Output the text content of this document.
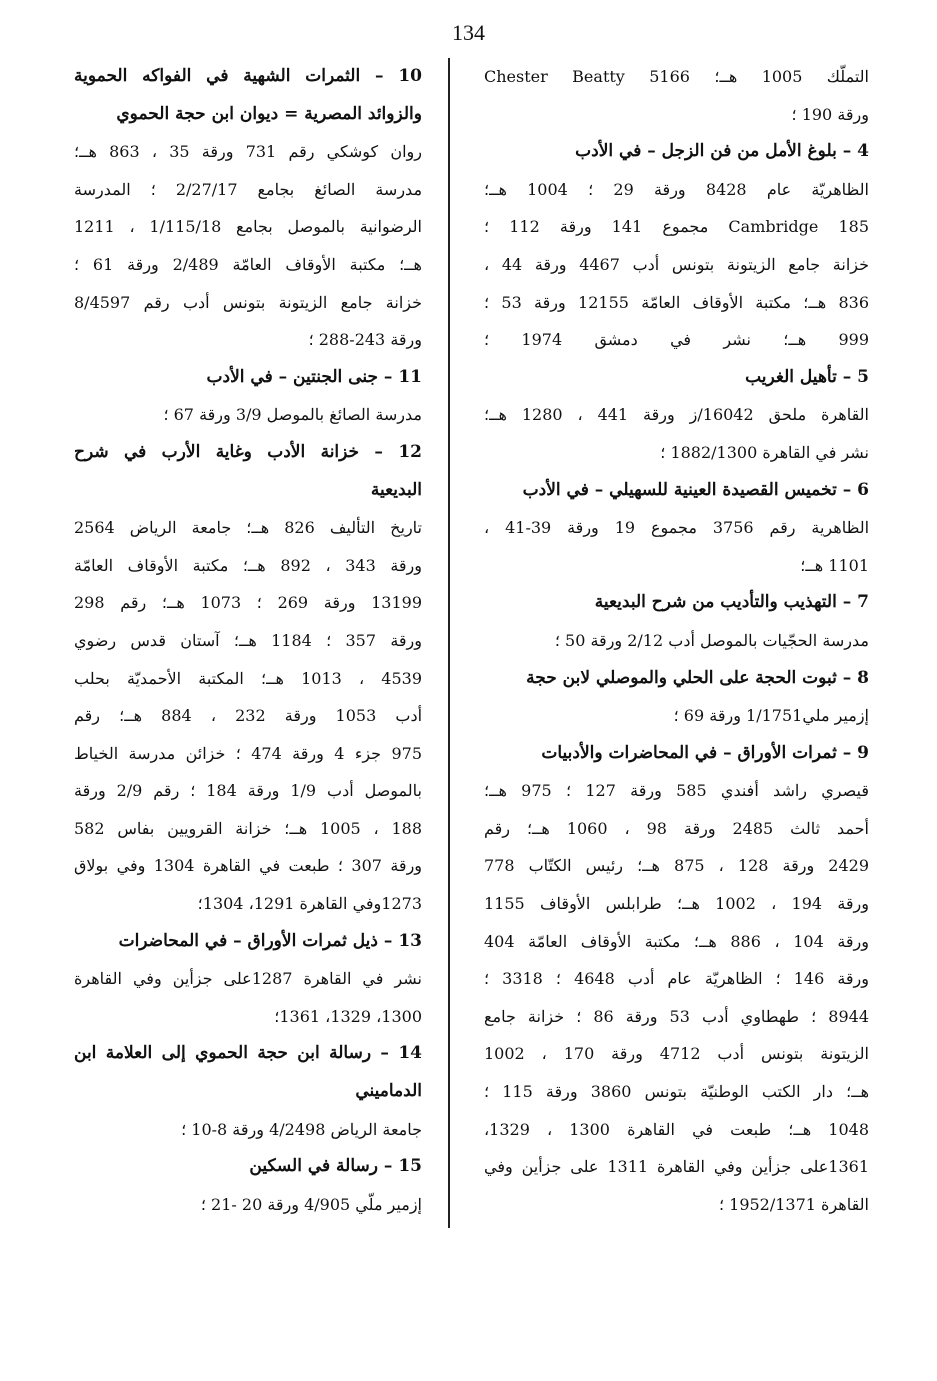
134
التملّك 1005 هــ؛ 5166 Chester Beatty
ورقة 190 ؛
4 – بلوغ الأمل من فن الزجل – في الأدب
الظاهريّة عام 8428 ورقة 29 ؛ 1004 هــ؛
185 Cambridge مجموع 141 ورقة 112 ؛
خزانة جامع الزيتونة بتونس أدب 4467 ورقة 44 ،
836 هــ؛ مكتبة الأوقاف العامّة 12155 ورقة 53 ؛
999 هــ؛ نشر في دمشق 1974 ؛
5 – تأهيل الغريب
القاهرة ملحق 16042/ز ورقة 441 ، 1280 هــ؛
نشر في القاهرة 1882/1300 ؛
6 – تخميس القصيدة العينية للسهيلي – في الأدب
الظاهرية رقم 3756 مجموع 19 ورقة 39-41 ،
1101 هــ؛
7 – التهذيب والتأديب من شرح البديعية
مدرسة الحجّيات بالموصل أدب 2/12 ورقة 50 ؛
8 – ثبوت الحجة على الحلي والموصلي لابن حجة
إزمير ملي1/1751 ورقة 69 ؛
9 – ثمرات الأوراق – في المحاضرات والأدبيات
قيصري راشد أفندي 585 ورقة 127 ؛ 975 هــ؛
أحمد ثالث 2485 ورقة 98 ، 1060 هــ؛ رقم
2429 ورقة 128 ، 875 هــ؛ رئيس الكتّاب 778
ورقة 194 ، 1002 هــ؛ طرابلس الأوقاف 1155
ورقة 104 ، 886 هــ؛ مكتبة الأوقاف العامّة 404
ورقة 146 ؛ الظاهريّة عام أدب 4648 ؛ 3318 ؛
8944 ؛ طهطاوي أدب 53 ورقة 86 ؛ خزانة جامع
الزيتونة بتونس أدب 4712 ورقة 170 ، 1002
هــ؛ دار الكتب الوطنيّة بتونس 3860 ورقة 115 ؛
1048 هــ؛ طبعت في القاهرة 1300 ، 1329،
1361على جزأين وفي القاهرة 1311 على جزأين وفي
القاهرة 1952/1371 ؛
10 – الثمرات الشهية في الفواكه الحموية
والزوائد المصرية = ديوان ابن حجة الحموي
روان كوشكي رقم 731 ورقة 35 ، 863 هــ؛
مدرسة الصائغ بجامع 2/27/17 ؛ المدرسة
الرضوانية بالموصل بجامع 1/115/18 ، 1211
هــ؛ مكتبة الأوقاف العامّة 2/489 ورقة 61 ؛
خزانة جامع الزيتونة بتونس أدب رقم 8/4597
ورقة 243-288 ؛
11 – جنى الجنتين – في الأدب
مدرسة الصائغ بالموصل 3/9 ورقة 67 ؛
12 – خزانة الأدب وغاية الأرب في شرح
البديعية
تاريخ التأليف 826 هــ؛ جامعة الرياض 2564
ورقة 343 ، 892 هــ؛ مكتبة الأوقاف العامّة
13199 ورقة 269 ؛ 1073 هــ؛ رقم 298
ورقة 357 ؛ 1184 هــ؛ آستان قدس رضوي
4539 ، 1013 هــ؛ المكتبة الأحمديّة بحلب
أدب 1053 ورقة 232 ، 884 هــ؛ رقم
975 جزء 4 ورقة 474 ؛ خزائن مدرسة الخياط
بالموصل أدب 1/9 ورقة 184 ؛ رقم 2/9 ورقة
188 ، 1005 هــ؛ خزانة القرويين بفاس 582
ورقة 307 ؛ طبعت في القاهرة 1304 وفي بولاق
1273وفي القاهرة 1291، 1304؛
13 – ذيل ثمرات الأوراق – في المحاضرات
نشر في القاهرة 1287على جزأين وفي القاهرة
1300، 1329، 1361؛
14 – رسالة ابن حجة الحموي إلى العلامة ابن
الدماميني
جامعة الرياض 4/2498 ورقة 8-10 ؛
15 – رسالة في السكين
إزمير ملّي 4/905 ورقة 20 -21 ؛
